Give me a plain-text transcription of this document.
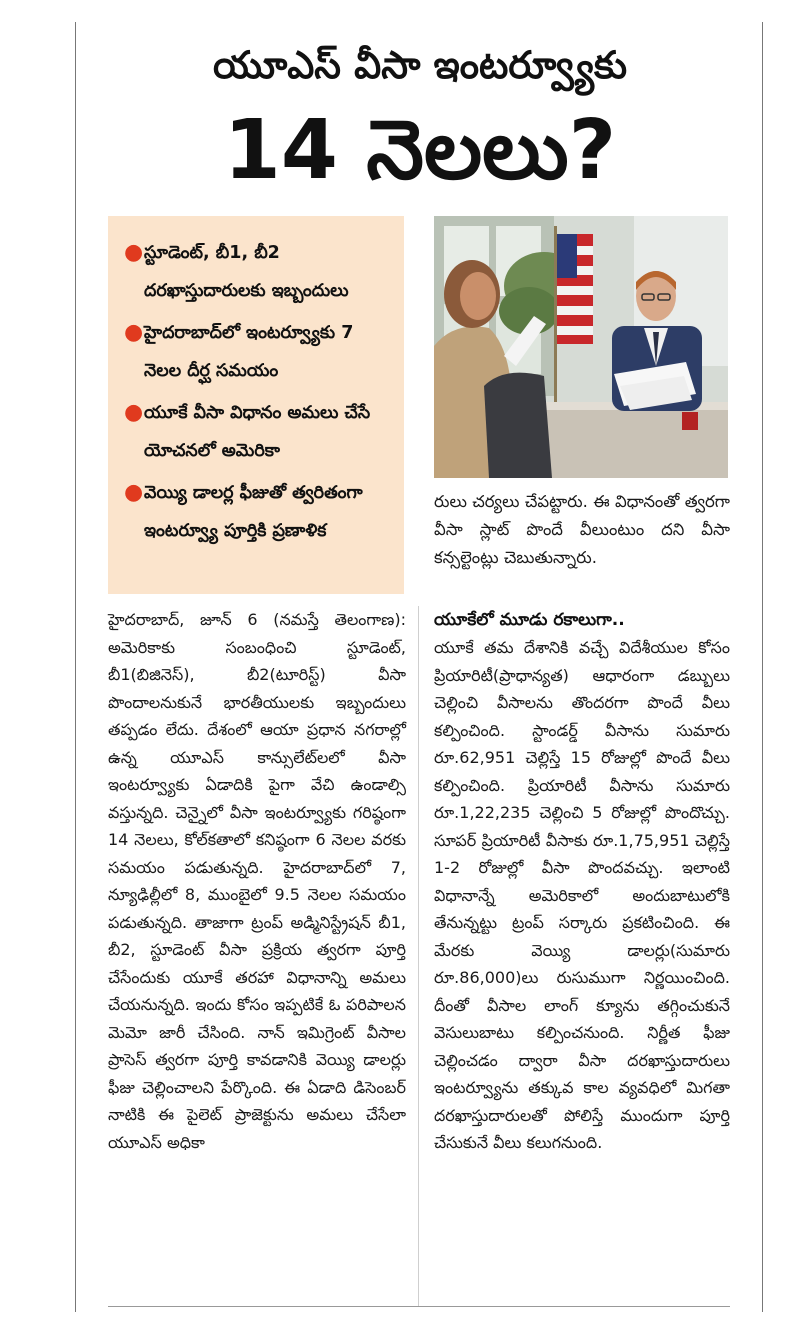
యూఎస్ వీసా ఇంటర్వ్యూకు
14 నెలలు?
● స్టూడెంట్, బీ1, బీ2 దరఖాస్తుదారులకు ఇబ్బందులు
● హైదరాబాద్‌లో ఇంటర్వ్యూకు 7 నెలల దీర్ఘ సమయం
● యూకే వీసా విధానం అమలు చేసే యోచనలో అమెరికా
● వెయ్యి డాలర్ల ఫీజుతో త్వరితంగా ఇంటర్వ్యూ పూర్తికి ప్రణాళిక

రులు చర్యలు చేపట్టారు. ఈ విధానంతో త్వరగా వీసా స్లాట్ పొందే వీలుంటుం దని వీసా కన్సల్టెంట్లు చెబుతున్నారు.

హైదరాబాద్, జూన్ 6 (నమస్తే తెలంగాణ): అమెరికాకు సంబంధించి స్టూడెంట్, బీ1(బిజినెస్), బీ2(టూరిస్ట్) వీసా పొందాలనుకునే భారతీయులకు ఇబ్బందులు తప్పడం లేదు. దేశంలో ఆయా ప్రధాన నగరాల్లో ఉన్న యూఎస్ కాన్సులేట్‌లలో వీసా ఇంటర్వ్యూకు ఏడాదికి పైగా వేచి ఉండాల్సి వస్తున్నది. చెన్నైలో వీసా ఇంటర్వ్యూకు గరిష్ఠంగా 14 నెలలు, కోల్‌కతాలో కనిష్ఠంగా 6 నెలల వరకు సమయం పడుతున్నది. హైదరాబాద్‌లో 7, న్యూఢిల్లీలో 8, ముంబైలో 9.5 నెలల సమయం పడుతున్నది. తాజాగా ట్రంప్ అడ్మినిస్ట్రేషన్ బీ1, బీ2, స్టూడెంట్ వీసా ప్రక్రియ త్వరగా పూర్తి చేసేందుకు యూకే తరహా విధానాన్ని అమలు చేయనున్నది. ఇందు కోసం ఇప్పటికే ఓ పరిపాలన మెమో జారీ చేసింది. నాన్ ఇమిగ్రెంట్ వీసాల ప్రాసెస్ త్వరగా పూర్తి కావడానికి వెయ్యి డాలర్లు ఫీజు చెల్లించాలని పేర్కొంది. ఈ ఏడాది డిసెంబర్ నాటికి ఈ పైలెట్ ప్రాజెక్టును అమలు చేసేలా యూఎస్ అధికా

యూకేలో మూడు రకాలుగా..

యూకే తమ దేశానికి వచ్చే విదేశీయుల కోసం ప్రియారిటీ(ప్రాధాన్యత) ఆధారంగా డబ్బులు చెల్లించి వీసాలను తొందరగా పొందే వీలు కల్పించింది. స్టాండర్డ్ వీసాను సుమారు రూ.62,951 చెల్లిస్తే 15 రోజుల్లో పొందే వీలు కల్పించింది. ప్రియారిటీ వీసాను సుమారు రూ.1,22,235 చెల్లించి 5 రోజుల్లో పొందొచ్చు. సూపర్ ప్రియారిటీ వీసాకు రూ.1,75,951 చెల్లిస్తే 1-2 రోజుల్లో వీసా పొందవచ్చు. ఇలాంటి విధానాన్నే అమెరికాలో అందుబాటులోకి తేనున్నట్టు ట్రంప్ సర్కారు ప్రకటించింది. ఈ మేరకు వెయ్యి డాలర్లు(సుమారు రూ.86,000)లు రుసుముగా నిర్ణయించింది. దీంతో వీసాల లాంగ్ క్యూను తగ్గించుకునే వెసులుబాటు కల్పించనుంది. నిర్ణీత ఫీజు చెల్లించడం ద్వారా వీసా దరఖాస్తుదారులు ఇంటర్వ్యూను తక్కువ కాల వ్యవధిలో మిగతా దరఖాస్తుదారులతో పోలిస్తే ముందుగా పూర్తి చేసుకునే వీలు కలుగనుంది.
